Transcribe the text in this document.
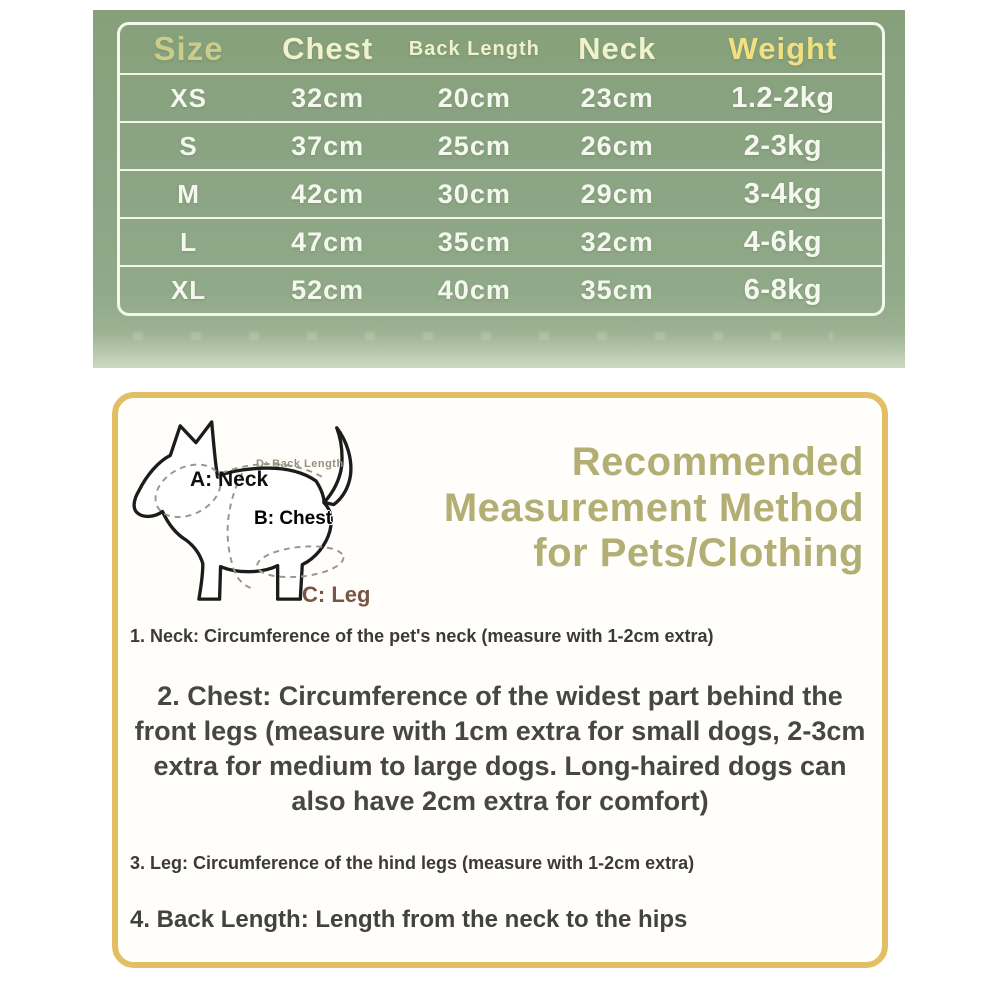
Size	Chest	Back Length	Neck	Weight
XS	32cm	20cm	23cm	1.2-2kg
S	37cm	25cm	26cm	2-3kg
M	42cm	30cm	29cm	3-4kg
L	47cm	35cm	32cm	4-6kg
XL	52cm	40cm	35cm	6-8kg
A: Neck
D: Back Length
B: Chest
C: Leg
Recommended
Measurement Method
for Pets/Clothing
1. Neck: Circumference of the pet's neck (measure with 1-2cm extra)
2. Chest: Circumference of the widest part behind the front legs (measure with 1cm extra for small dogs, 2-3cm extra for medium to large dogs. Long-haired dogs can also have 2cm extra for comfort)
3. Leg: Circumference of the hind legs (measure with 1-2cm extra)
4. Back Length: Length from the neck to the hips
